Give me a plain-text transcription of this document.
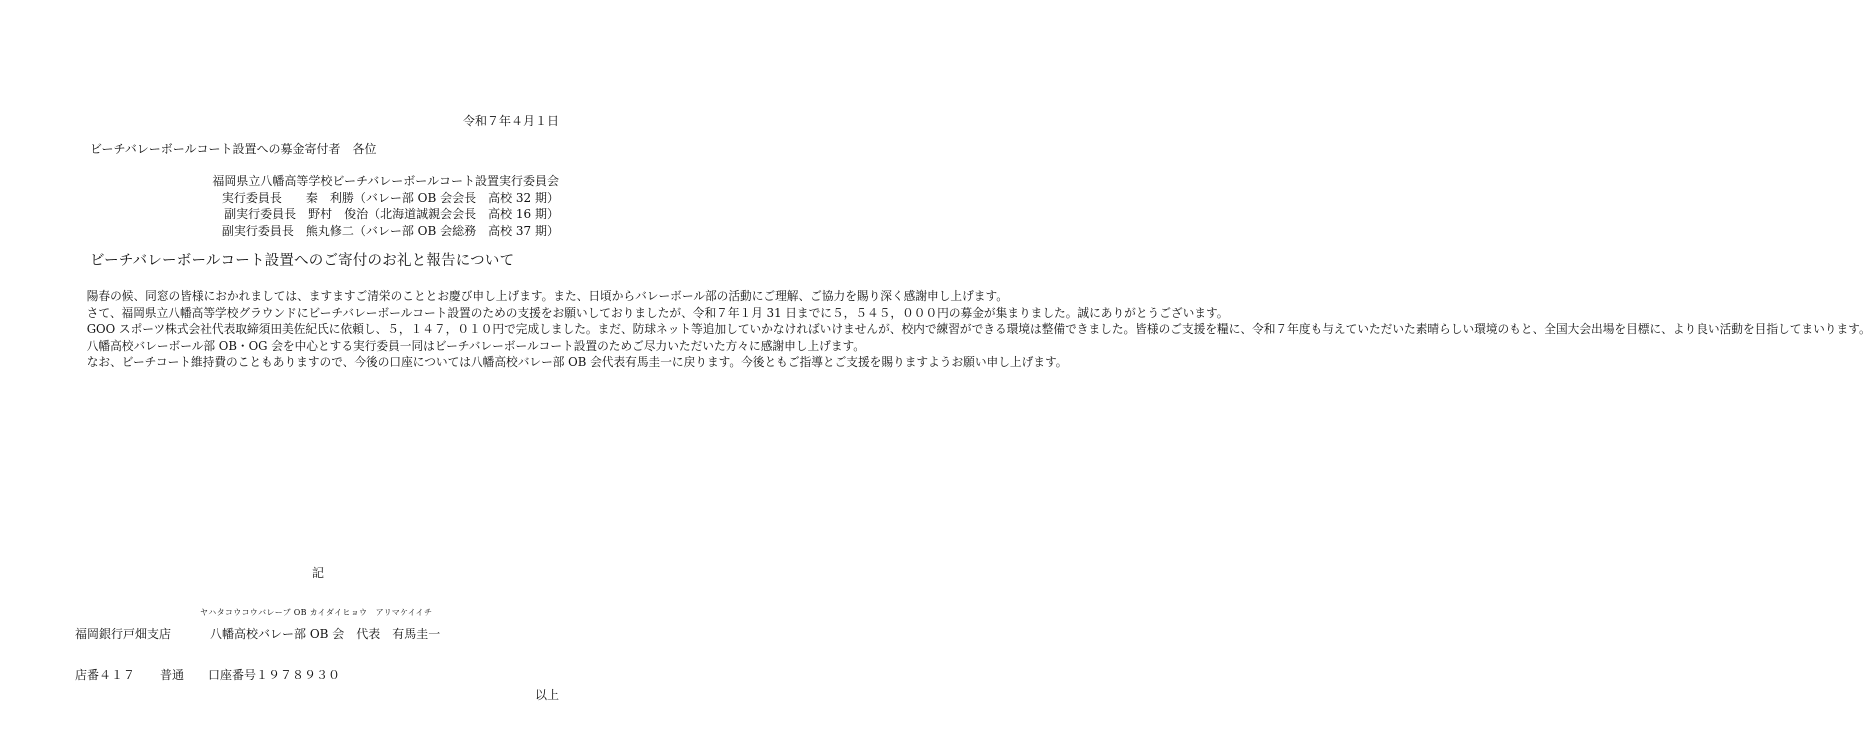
令和７年４月１日
ビーチバレーボールコート設置への募金寄付者　各位
福岡県立八幡高等学校ビーチバレーボールコート設置実行委員会
実行委員長　　秦　利勝（バレー部 OB 会会長　高校 32 期）
副実行委員長　野村　俊治（北海道誠親会会長　高校 16 期）
副実行委員長　熊丸修二（バレー部 OB 会総務　高校 37 期）
ビーチバレーボールコート設置へのご寄付のお礼と報告について
陽春の候、同窓の皆様におかれましては、ますますご清栄のこととお慶び申し上げます。また、日頃からバレーボール部の活動にご理解、ご協力を賜り深く感謝申し上げます。
さて、福岡県立八幡高等学校グラウンドにビーチバレーボールコート設置のための支援をお願いしておりましたが、令和７年１月 31 日までに５，５４５，０００円の募金が集まりました。誠にありがとうございます。
GOO スポーツ株式会社代表取締須田美佐紀氏に依頼し、５，１４７，０１０円で完成しました。まだ、防球ネット等追加していかなければいけませんが、校内で練習ができる環境は整備できました。皆様のご支援を糧に、令和７年度も与えていただいた素晴らしい環境のもと、全国大会出場を目標に、より良い活動を目指してまいります。
八幡高校バレーボール部 OB・OG 会を中心とする実行委員一同はビーチバレーボールコート設置のためご尽力いただいた方々に感謝申し上げます。
なお、ビーチコート維持費のこともありますので、今後の口座については八幡高校バレー部 OB 会代表有馬圭一に戻ります。今後ともご指導とご支援を賜りますようお願い申し上げます。
記
ヤハタコウコウバレーブ OB カイダイヒョウ　アリマケイイチ
福岡銀行戸畑支店	八幡高校バレー部 OB 会　代表　有馬圭一
店番４１７ 普通 口座番号１９７８９３０
以上
